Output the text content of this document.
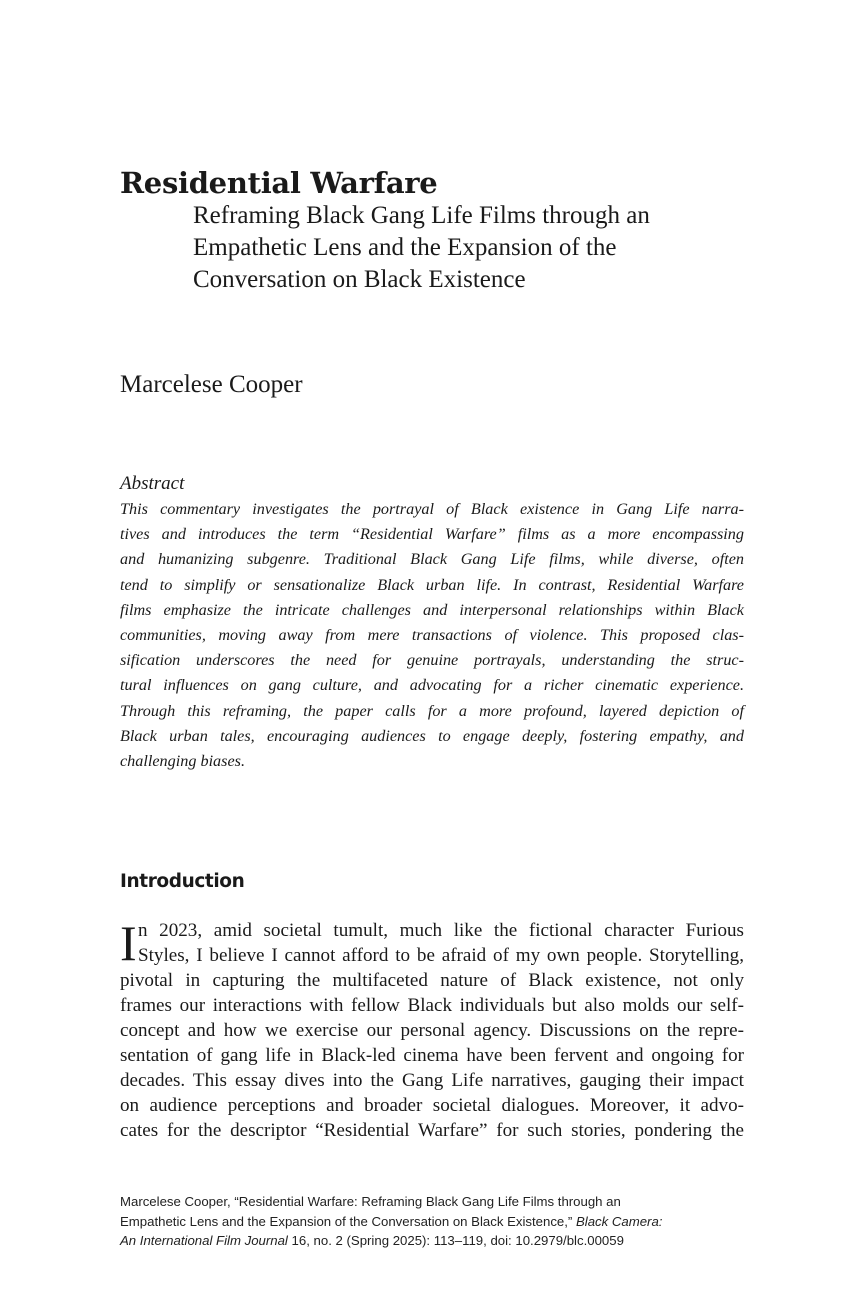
Residential Warfare
Reframing Black Gang Life Films through an
Empathetic Lens and the Expansion of the
Conversation on Black Existence

Marcelese Cooper

Abstract

This commentary investigates the portrayal of Black existence in Gang Life narra-
tives and introduces the term “Residential Warfare” films as a more encompassing
and humanizing subgenre. Traditional Black Gang Life films, while diverse, often
tend to simplify or sensationalize Black urban life. In contrast, Residential Warfare
films emphasize the intricate challenges and interpersonal relationships within Black
communities, moving away from mere transactions of violence. This proposed clas-
sification underscores the need for genuine portrayals, understanding the struc-
tural influences on gang culture, and advocating for a richer cinematic experience.
Through this reframing, the paper calls for a more profound, layered depiction of
Black urban tales, encouraging audiences to engage deeply, fostering empathy, and
challenging biases.
Introduction
I n 2023, amid societal tumult, much like the fictional character Furious
Styles, I believe I cannot afford to be afraid of my own people. Storytelling,
pivotal in capturing the multifaceted nature of Black existence, not only
frames our interactions with fellow Black individuals but also molds our self-
concept and how we exercise our personal agency. Discussions on the repre-
sentation of gang life in Black-led cinema have been fervent and ongoing for
decades. This essay dives into the Gang Life narratives, gauging their impact
on audience perceptions and broader societal dialogues. Moreover, it advo-
cates for the descriptor “Residential Warfare” for such stories, pondering the
Marcelese Cooper, “Residential Warfare: Reframing Black Gang Life Films through an
Empathetic Lens and the Expansion of the Conversation on Black Existence,” Black Camera:
An International Film Journal 16, no. 2 (Spring 2025): 113–119, doi: 10.2979/blc.00059
